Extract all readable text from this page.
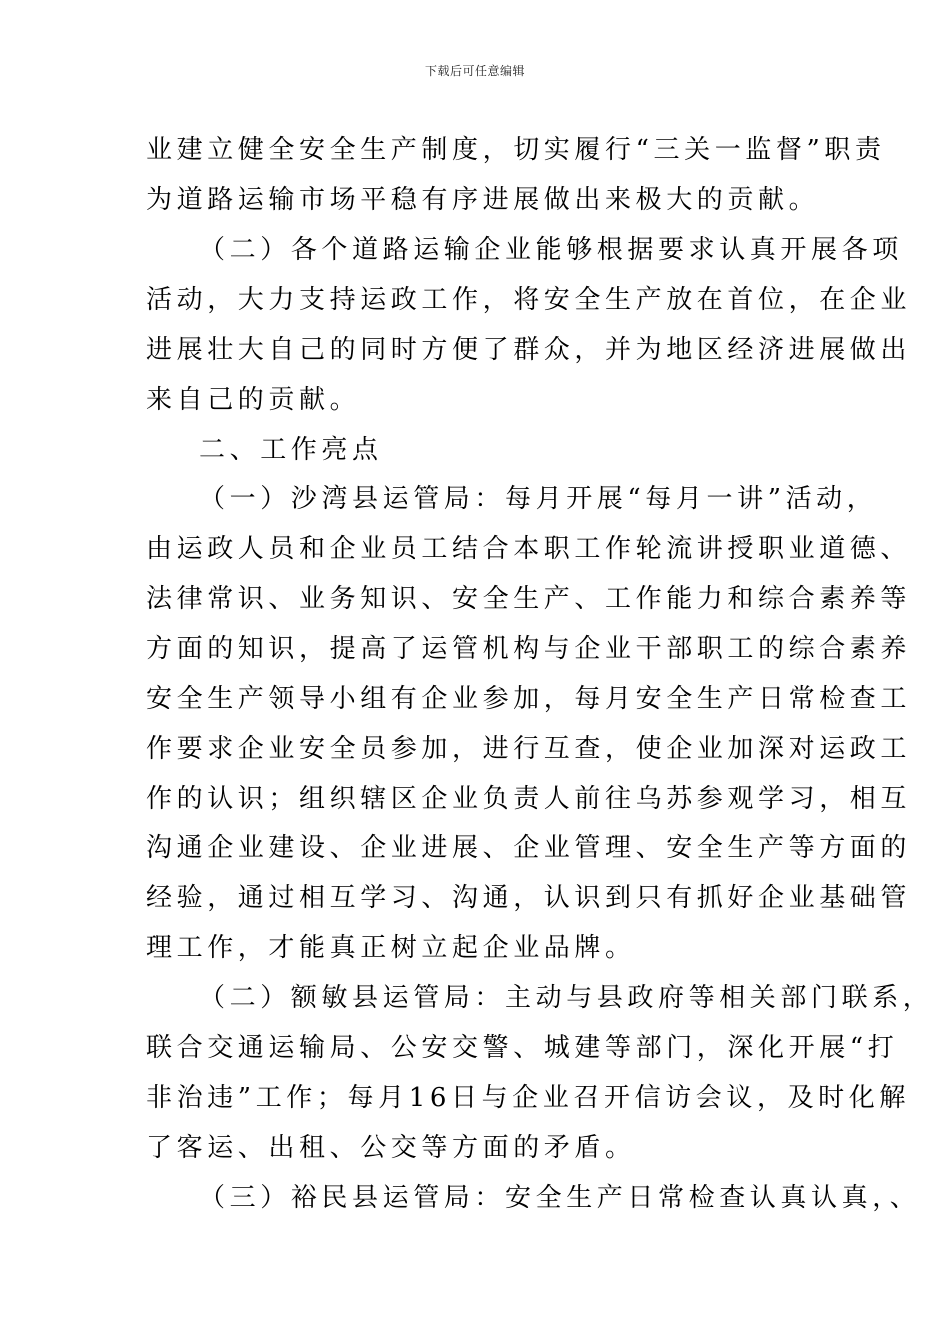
下载后可任意编辑
业建立健全安全生产制度，切实履行“三关一监督”职责
为道路运输市场平稳有序进展做出来极大的贡献。
（二）各个道路运输企业能够根据要求认真开展各项
活动，大力支持运政工作，将安全生产放在首位，在企业
进展壮大自己的同时方便了群众，并为地区经济进展做出
来自己的贡献。
二、工作亮点
（一）沙湾县运管局：每月开展“每月一讲”活动，
由运政人员和企业员工结合本职工作轮流讲授职业道德、
法律常识、业务知识、安全生产、工作能力和综合素养等
方面的知识，提高了运管机构与企业干部职工的综合素养
安全生产领导小组有企业参加，每月安全生产日常检查工
作要求企业安全员参加，进行互查，使企业加深对运政工
作的认识；组织辖区企业负责人前往乌苏参观学习，相互
沟通企业建设、企业进展、企业管理、安全生产等方面的
经验，通过相互学习、沟通，认识到只有抓好企业基础管
理工作，才能真正树立起企业品牌。
（二）额敏县运管局：主动与县政府等相关部门联系，
联合交通运输局、公安交警、城建等部门，深化开展“打
非治违”工作；每月16日与企业召开信访会议，及时化解
了客运、出租、公交等方面的矛盾。
（三）裕民县运管局：安全生产日常检查认真认真，、
